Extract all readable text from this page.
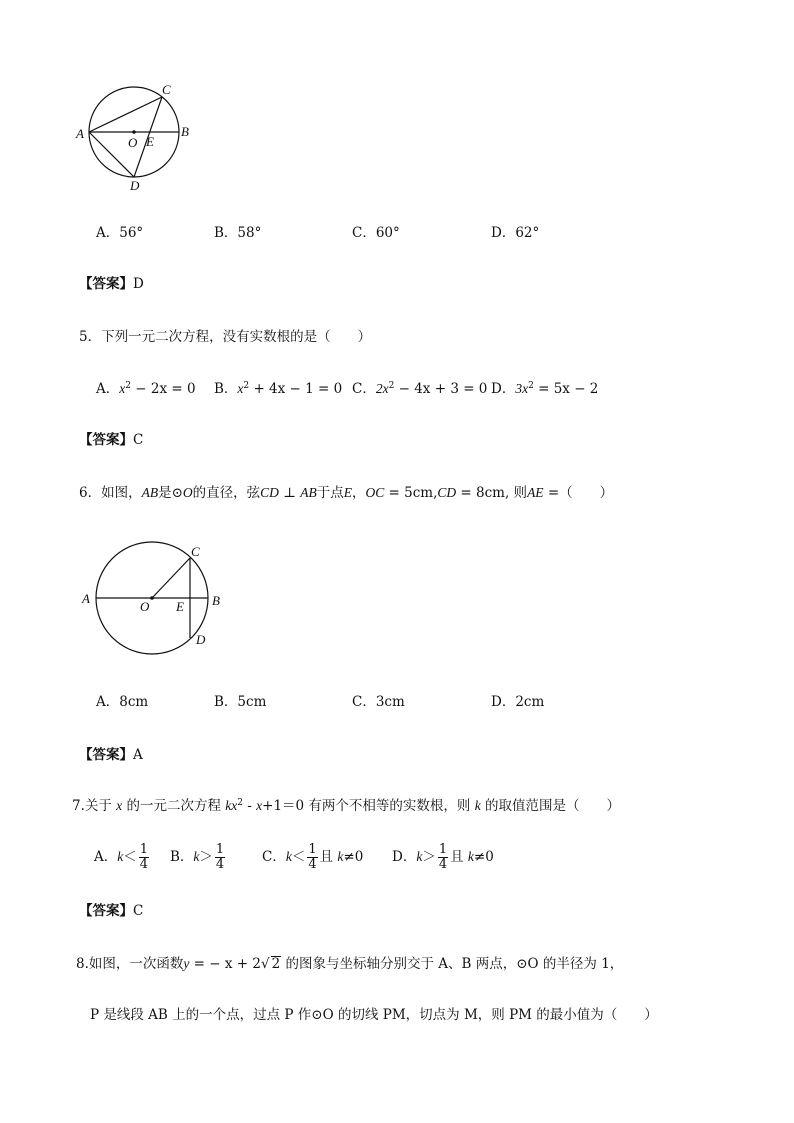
A	B
C
D
O E
A．56°	B．58°	C．60°	D．62°
【答案】D
5．下列一元二次方程，没有实数根的是（　　）
A．$x^2 - 2x = 0$ B．$x^2 + 4x - 1 = 0$ C．$2x^2 - 4x + 3 = 0$ D．$3x^2 = 5x - 2$
【答案】C
6．如图，AB是⊙O的直径，弦CD ⊥ AB于点E，OC = 5cm,CD = 8cm, 则AE =（　　）
A	B
C
D
O E
A．8cm	B．5cm	C．3cm	D．2cm
【答案】A
7.关于 x 的一元二次方程 $kx^2 - x+1=0$ 有两个不相等的实数根，则 k 的取值范围是（　　）
A．$k< \frac{1}{4}$ B．$k> \frac{1}{4}$	C．$k< \frac{1}{4}$ 且 k≠0 D．$k> \frac{1}{4}$ 且 k≠0
【答案】C
8.如图，一次函数y = − x + 2√ 2 的图象与坐标轴分别交于 A、B 两点，⊙O 的半径为 1，
P 是线段 AB 上的一个点，过点 P 作⊙O 的切线 PM，切点为 M，则 PM 的最小值为（　　）
